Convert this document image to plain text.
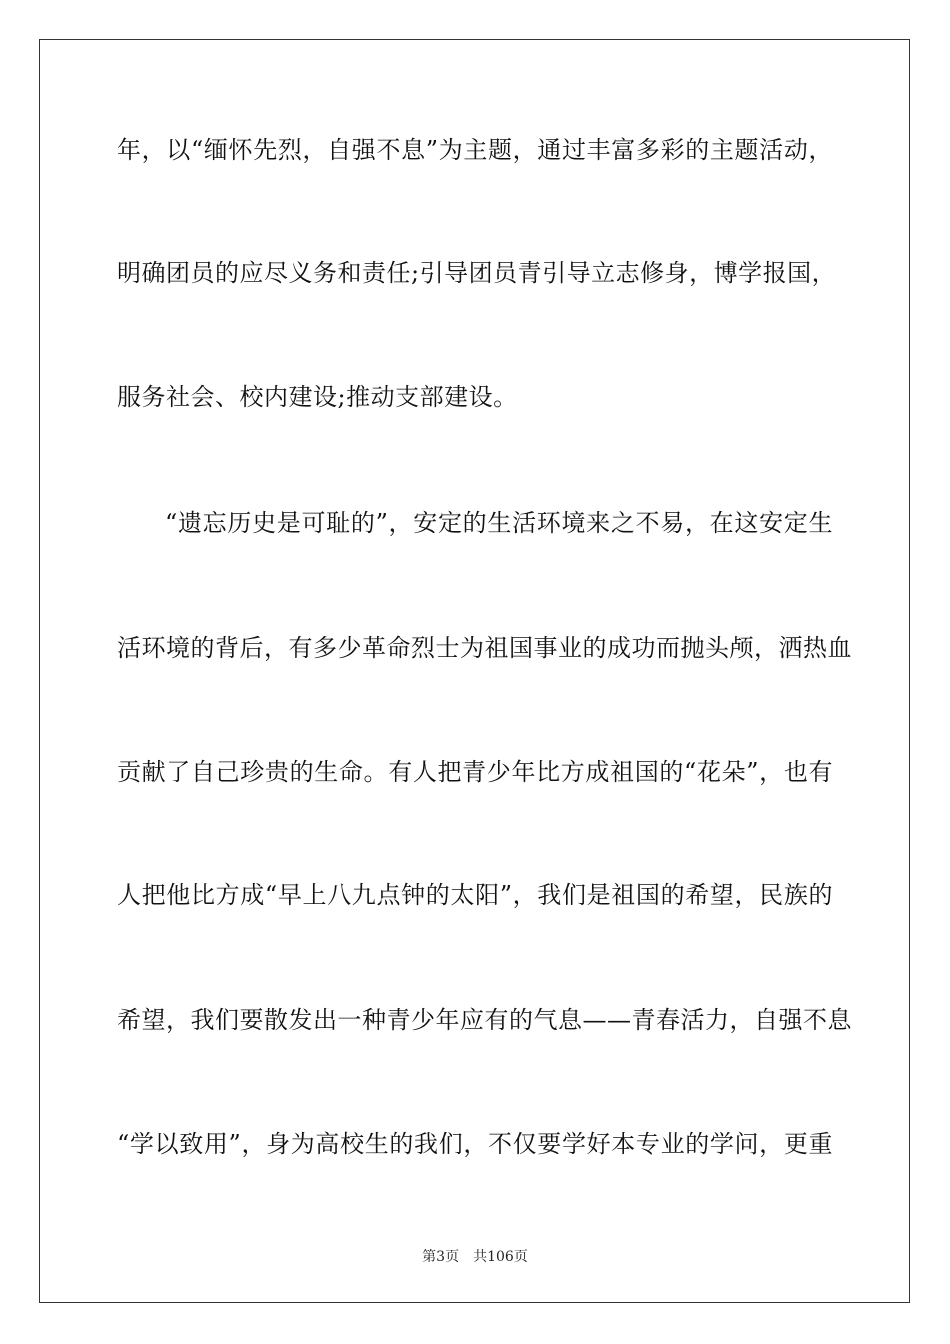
年，以“缅怀先烈，自强不息”为主题，通过丰富多彩的主题活动，
明确团员的应尽义务和责任;引导团员青引导立志修身，博学报国，
服务社会、校内建设;推动支部建设。
“遗忘历史是可耻的”，安定的生活环境来之不易，在这安定生
活环境的背后，有多少革命烈士为祖国事业的成功而抛头颅，洒热血
贡献了自己珍贵的生命。有人把青少年比方成祖国的“花朵”，也有
人把他比方成“早上八九点钟的太阳”，我们是祖国的希望，民族的
希望，我们要散发出一种青少年应有的气息——青春活力，自强不息
“学以致用”，身为高校生的我们，不仅要学好本专业的学问，更重
第3页 共106页
